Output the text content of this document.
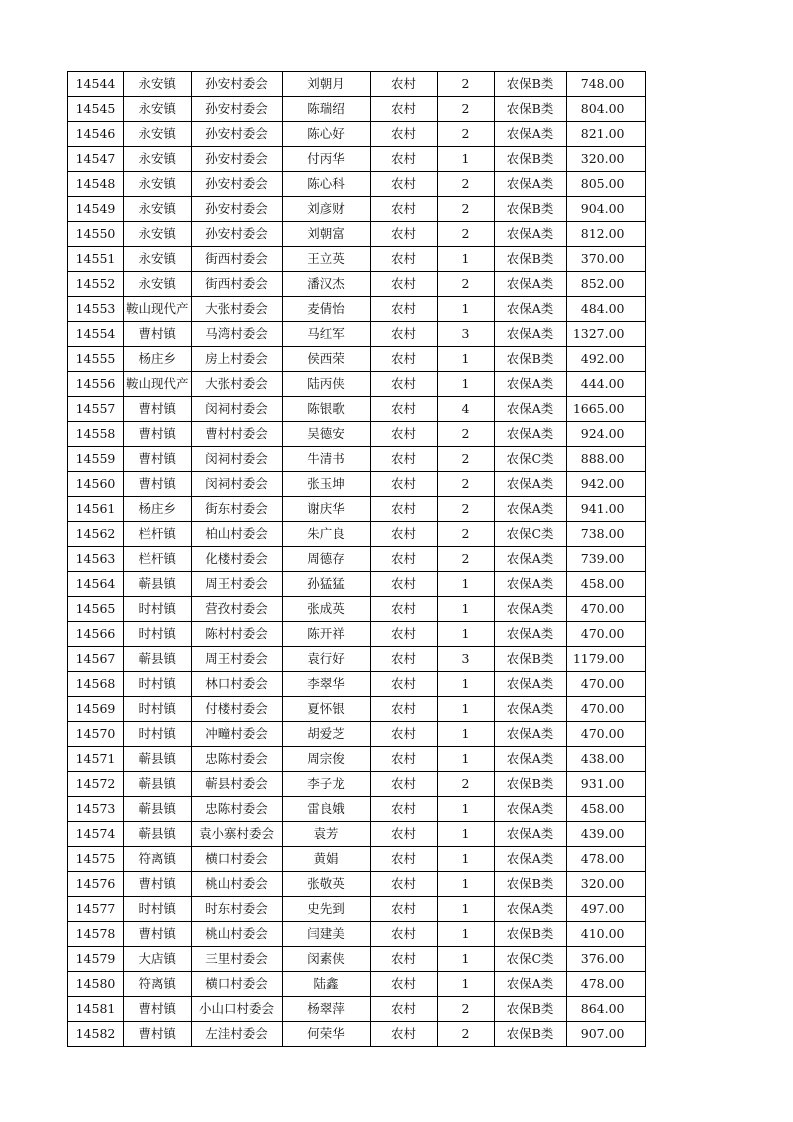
14544	永安镇	孙安村委会	刘朝月	农村	2	农保B类	748.00
14545	永安镇	孙安村委会	陈瑞绍	农村	2	农保B类	804.00
14546	永安镇	孙安村委会	陈心好	农村	2	农保A类	821.00
14547	永安镇	孙安村委会	付丙华	农村	1	农保B类	320.00
14548	永安镇	孙安村委会	陈心科	农村	2	农保A类	805.00
14549	永安镇	孙安村委会	刘彦财	农村	2	农保B类	904.00
14550	永安镇	孙安村委会	刘朝富	农村	2	农保A类	812.00
14551	永安镇	街西村委会	王立英	农村	1	农保B类	370.00
14552	永安镇	街西村委会	潘汉杰	农村	2	农保A类	852.00
14553	鞍山现代产	大张村委会	麦倩怡	农村	1	农保A类	484.00
14554	曹村镇	马湾村委会	马红军	农村	3	农保A类	1327.00
14555	杨庄乡	房上村委会	侯西荣	农村	1	农保B类	492.00
14556	鞍山现代产	大张村委会	陆丙侠	农村	1	农保A类	444.00
14557	曹村镇	闵祠村委会	陈银歌	农村	4	农保A类	1665.00
14558	曹村镇	曹村村委会	吴德安	农村	2	农保A类	924.00
14559	曹村镇	闵祠村委会	牛清书	农村	2	农保C类	888.00
14560	曹村镇	闵祠村委会	张玉坤	农村	2	农保A类	942.00
14561	杨庄乡	街东村委会	谢庆华	农村	2	农保A类	941.00
14562	栏杆镇	柏山村委会	朱广良	农村	2	农保C类	738.00
14563	栏杆镇	化楼村委会	周德存	农村	2	农保A类	739.00
14564	蕲县镇	周王村委会	孙猛猛	农村	1	农保A类	458.00
14565	时村镇	营孜村委会	张成英	农村	1	农保A类	470.00
14566	时村镇	陈村村委会	陈开祥	农村	1	农保A类	470.00
14567	蕲县镇	周王村委会	袁行好	农村	3	农保B类	1179.00
14568	时村镇	林口村委会	李翠华	农村	1	农保A类	470.00
14569	时村镇	付楼村委会	夏怀银	农村	1	农保A类	470.00
14570	时村镇	冲疃村委会	胡爱芝	农村	1	农保A类	470.00
14571	蕲县镇	忠陈村委会	周宗俊	农村	1	农保A类	438.00
14572	蕲县镇	蕲县村委会	李子龙	农村	2	农保B类	931.00
14573	蕲县镇	忠陈村委会	雷良娥	农村	1	农保A类	458.00
14574	蕲县镇	袁小寨村委会	袁芳	农村	1	农保A类	439.00
14575	符离镇	横口村委会	黄娟	农村	1	农保A类	478.00
14576	曹村镇	桃山村委会	张敬英	农村	1	农保B类	320.00
14577	时村镇	时东村委会	史先到	农村	1	农保A类	497.00
14578	曹村镇	桃山村委会	闫建美	农村	1	农保B类	410.00
14579	大店镇	三里村委会	闵素侠	农村	1	农保C类	376.00
14580	符离镇	横口村委会	陆鑫	农村	1	农保A类	478.00
14581	曹村镇	小山口村委会	杨翠萍	农村	2	农保B类	864.00
14582	曹村镇	左洼村委会	何荣华	农村	2	农保B类	907.00
